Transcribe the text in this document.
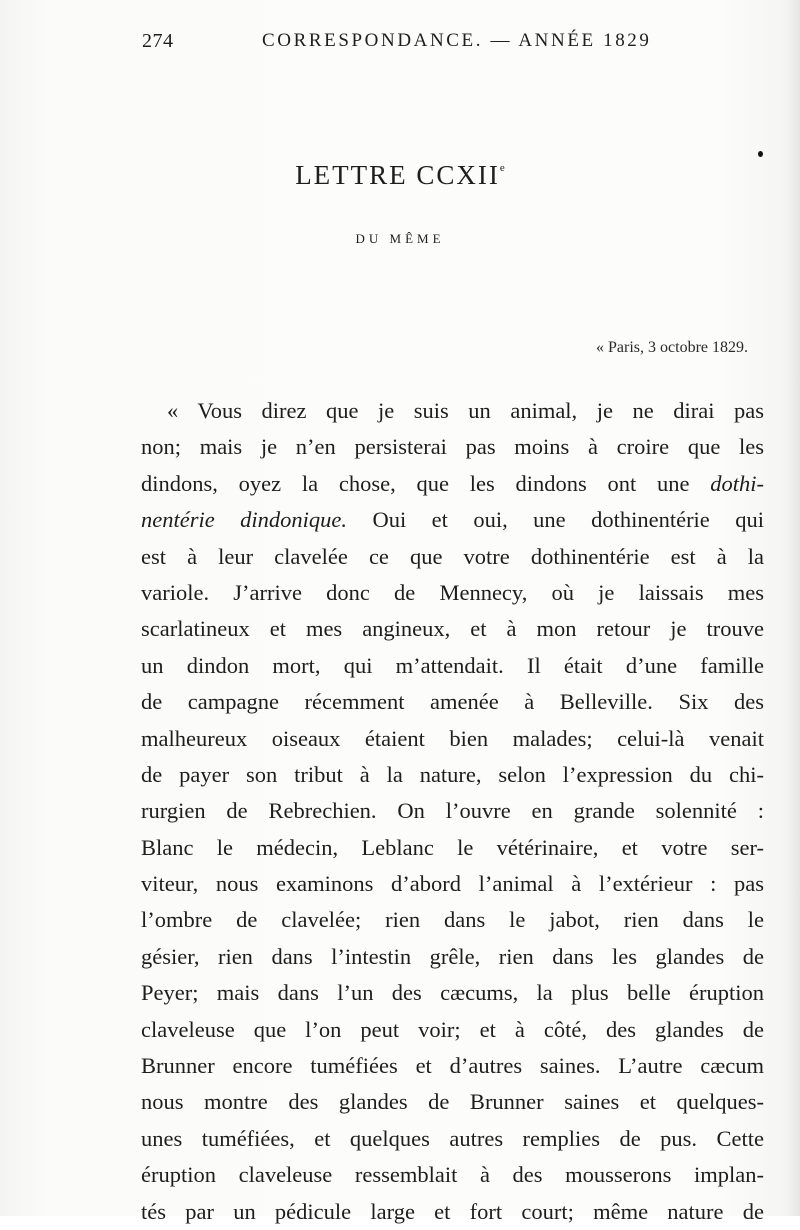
274	CORRESPONDANCE. — ANNÉE 1829
LETTRE CCXIIe
DU MÊME
« Paris, 3 octobre 1829.
« Vous direz que je suis un animal, je ne dirai pas
non; mais je n’en persisterai pas moins à croire que les
dindons, oyez la chose, que les dindons ont une dothi-
nentérie dindonique. Oui et oui, une dothinentérie qui
est à leur clavelée ce que votre dothinentérie est à la
variole. J’arrive donc de Mennecy, où je laissais mes
scarlatineux et mes angineux, et à mon retour je trouve
un dindon mort, qui m’attendait. Il était d’une famille
de campagne récemment amenée à Belleville. Six des
malheureux oiseaux étaient bien malades; celui-là venait
de payer son tribut à la nature, selon l’expression du chi-
rurgien de Rebrechien. On l’ouvre en grande solennité :
Blanc le médecin, Leblanc le vétérinaire, et votre ser-
viteur, nous examinons d’abord l’animal à l’extérieur : pas
l’ombre de clavelée; rien dans le jabot, rien dans le
gésier, rien dans l’intestin grêle, rien dans les glandes de
Peyer; mais dans l’un des cæcums, la plus belle éruption
claveleuse que l’on peut voir; et à côté, des glandes de
Brunner encore tuméfiées et d’autres saines. L’autre cæcum
nous montre des glandes de Brunner saines et quelques-
unes tuméfiées, et quelques autres remplies de pus. Cette
éruption claveleuse ressemblait à des mousserons implan-
tés par un pédicule large et fort court; même nature de
